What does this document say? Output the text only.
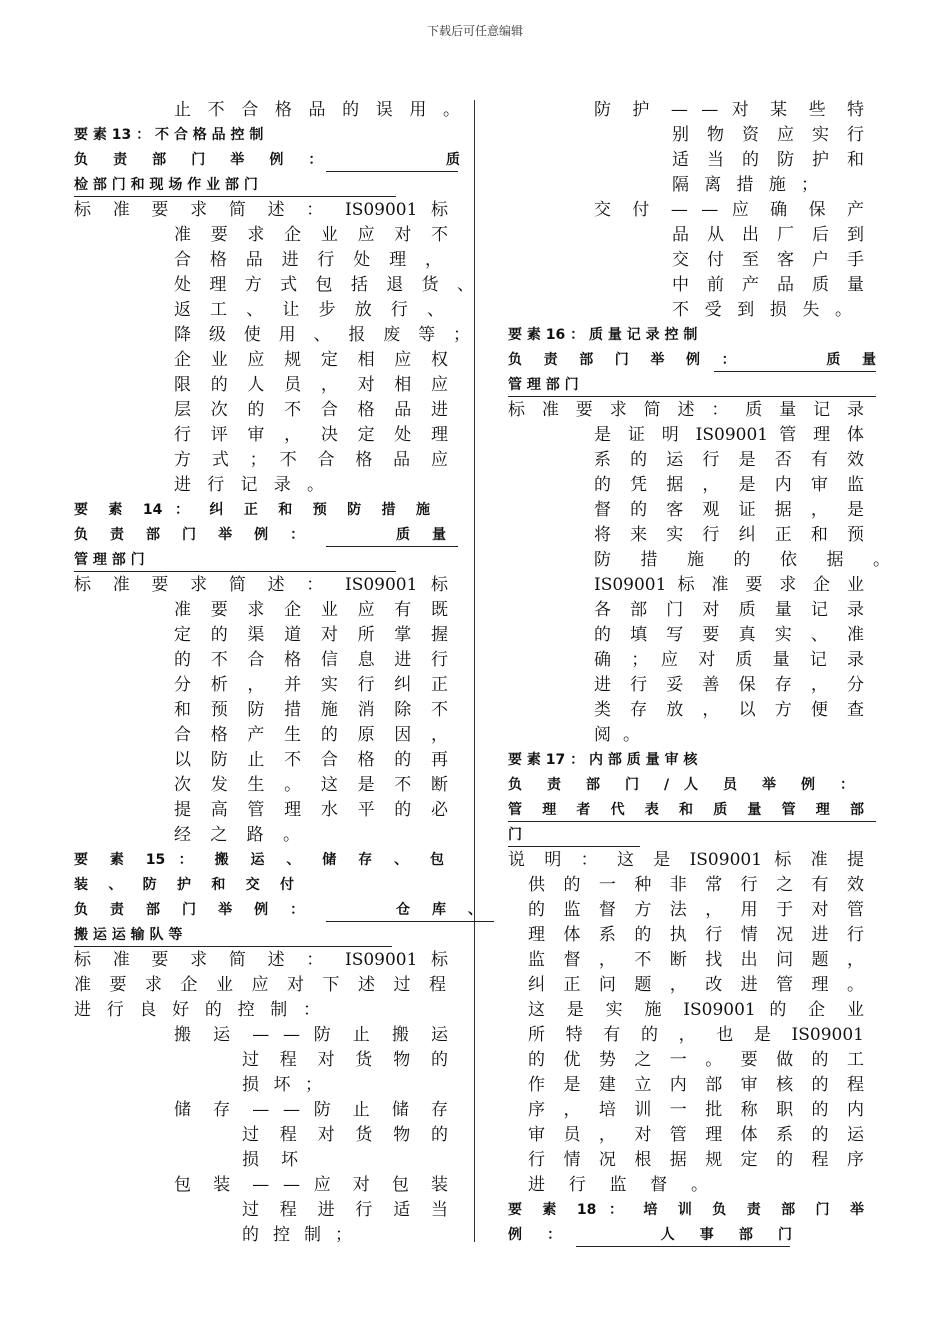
下载后可任意编辑
止 不 合 格 品 的 误 用 。
要 素 13 ： 不 合 格 品 控 制
负 责 部 门 举 例 ：　　　　　质
检 部 门 和 现 场 作 业 部 门
标 准 要 求 简 述 ： IS09001 标
准 要 求 企 业 应 对 不
合 格 品 进 行 处 理 ，
处 理 方 式 包 括 退 货 、
返 工 、 让 步 放 行 、
降 级 使 用 、 报 废 等 ；
企 业 应 规 定 相 应 权
限 的 人 员 ， 对 相 应
层 次 的 不 合 格 品 进
行 评 审 ， 决 定 处 理
方 式 ； 不 合 格 品 应
进 行 记 录 。
要 素 14 ： 纠 正 和 预 防 措 施
负 责 部 门 举 例 ：　　　　质 量
管 理 部 门
标 准 要 求 简 述 ： IS09001 标
准 要 求 企 业 应 有 既
定 的 渠 道 对 所 掌 握
的 不 合 格 信 息 进 行
分 析 ， 并 实 行 纠 正
和 预 防 措 施 消 除 不
合 格 产 生 的 原 因 ，
以 防 止 不 合 格 的 再
次 发 生 。 这 是 不 断
提 高 管 理 水 平 的 必
经 之 路 。
要 素 15 ： 搬 运 、 储 存 、 包
装 、 防 护 和 交 付
负 责 部 门 举 例 ：　　　　仓 库 、
搬 运 运 输 队 等
标 准 要 求 简 述 ： IS09001 标
准 要 求 企 业 应 对 下 述 过 程
进 行 良 好 的 控 制 ：
搬 运 — — 防 止 搬 运
过 程 对 货 物 的
损 坏 ；
储 存 — — 防 止 储 存
过 程 对 货 物 的
损 坏
包 装 — — 应 对 包 装
过 程 进 行 适 当
的 控 制 ；
防 护 — — 对 某 些 特
别 物 资 应 实 行
适 当 的 防 护 和
隔 离 措 施 ；
交 付 — — 应 确 保 产
品 从 出 厂 后 到
交 付 至 客 户 手
中 前 产 品 质 量
不 受 到 损 失 。
要 素 16 ： 质 量 记 录 控 制
负 责 部 门 举 例 ：　　　　质 量
管 理 部 门
标 准 要 求 简 述 ： 质 量 记 录
是 证 明 IS09001 管 理 体
系 的 运 行 是 否 有 效
的 凭 据 ， 是 内 审 监
督 的 客 观 证 据 ， 是
将 来 实 行 纠 正 和 预
防 措 施 的 依 据 。
IS09001 标 准 要 求 企 业
各 部 门 对 质 量 记 录
的 填 写 要 真 实 、 准
确 ； 应 对 质 量 记 录
进 行 妥 善 保 存 ， 分
类 存 放 ， 以 方 便 查
阅 。
要 素 17 ： 内 部 质 量 审 核
负 责 部 门 / 人 员 举 例 ：
管 理 者 代 表 和 质 量 管 理 部
门
说 明 ： 这 是 IS09001 标 准 提
供 的 一 种 非 常 行 之 有 效
的 监 督 方 法 ， 用 于 对 管
理 体 系 的 执 行 情 况 进 行
监 督 ， 不 断 找 出 问 题 ，
纠 正 问 题 ， 改 进 管 理 。
这 是 实 施 IS09001 的 企 业
所 特 有 的 ， 也 是 IS09001
的 优 势 之 一 。 要 做 的 工
作 是 建 立 内 部 审 核 的 程
序 ， 培 训 一 批 称 职 的 内
审 员 ， 对 管 理 体 系 的 运
行 情 况 根 据 规 定 的 程 序
进 行 监 督 。
要 素 18 ： 培 训 负 责 部 门 举
例 ：　　　　人 事 部 门
